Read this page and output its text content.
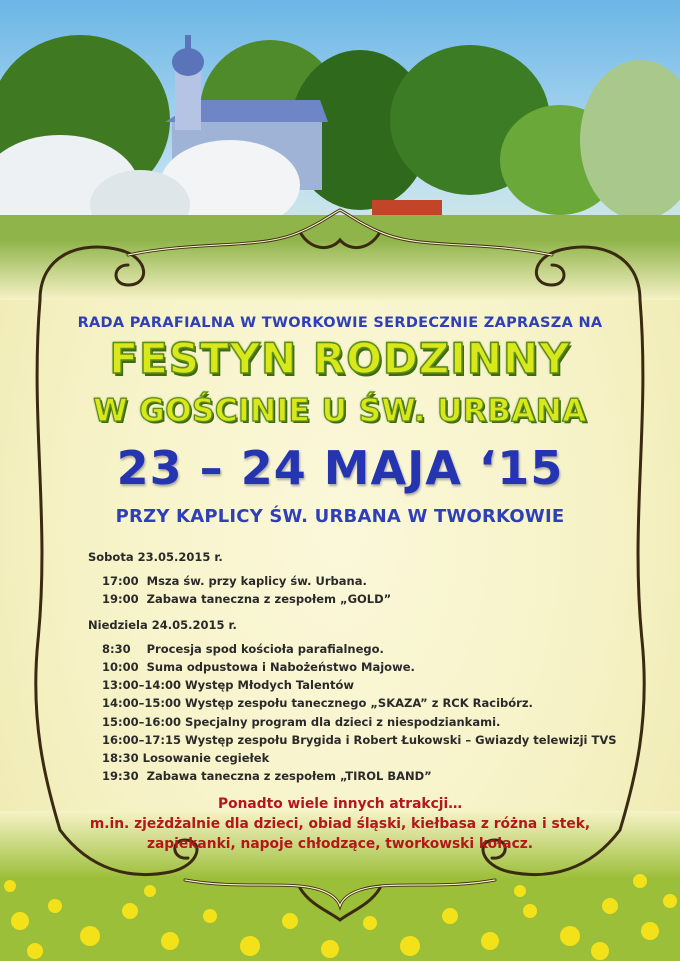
RADA PARAFIALNA W TWORKOWIE SERDECZNIE ZAPRASZA NA
FESTYN RODZINNY
W GOŚCINIE U ŚW. URBANA
23 – 24 MAJA ‘15
PRZY KAPLICY ŚW. URBANA W TWORKOWIE
Sobota 23.05.2015 r.
17:00 Msza św. przy kaplicy św. Urbana.
19:00 Zabawa taneczna z zespołem „GOLD”
Niedziela 24.05.2015 r.
8:30 Procesja spod kościoła parafialnego.
10:00 Suma odpustowa i Nabożeństwo Majowe.
13:00–14:00 Występ Młodych Talentów
14:00–15:00 Występ zespołu tanecznego „SKAZA” z RCK Racibórz.
15:00–16:00 Specjalny program dla dzieci z niespodziankami.
16:00–17:15 Występ zespołu Brygida i Robert Łukowski – Gwiazdy telewizji TVS
18:30 Losowanie cegiełek
19:30 Zabawa taneczna z zespołem „TIROL BAND”
Ponadto wiele innych atrakcji…
m.in. zjeżdżalnie dla dzieci, obiad śląski, kiełbasa z różna i stek,
zapiekanki, napoje chłodzące, tworkowski kołacz.
